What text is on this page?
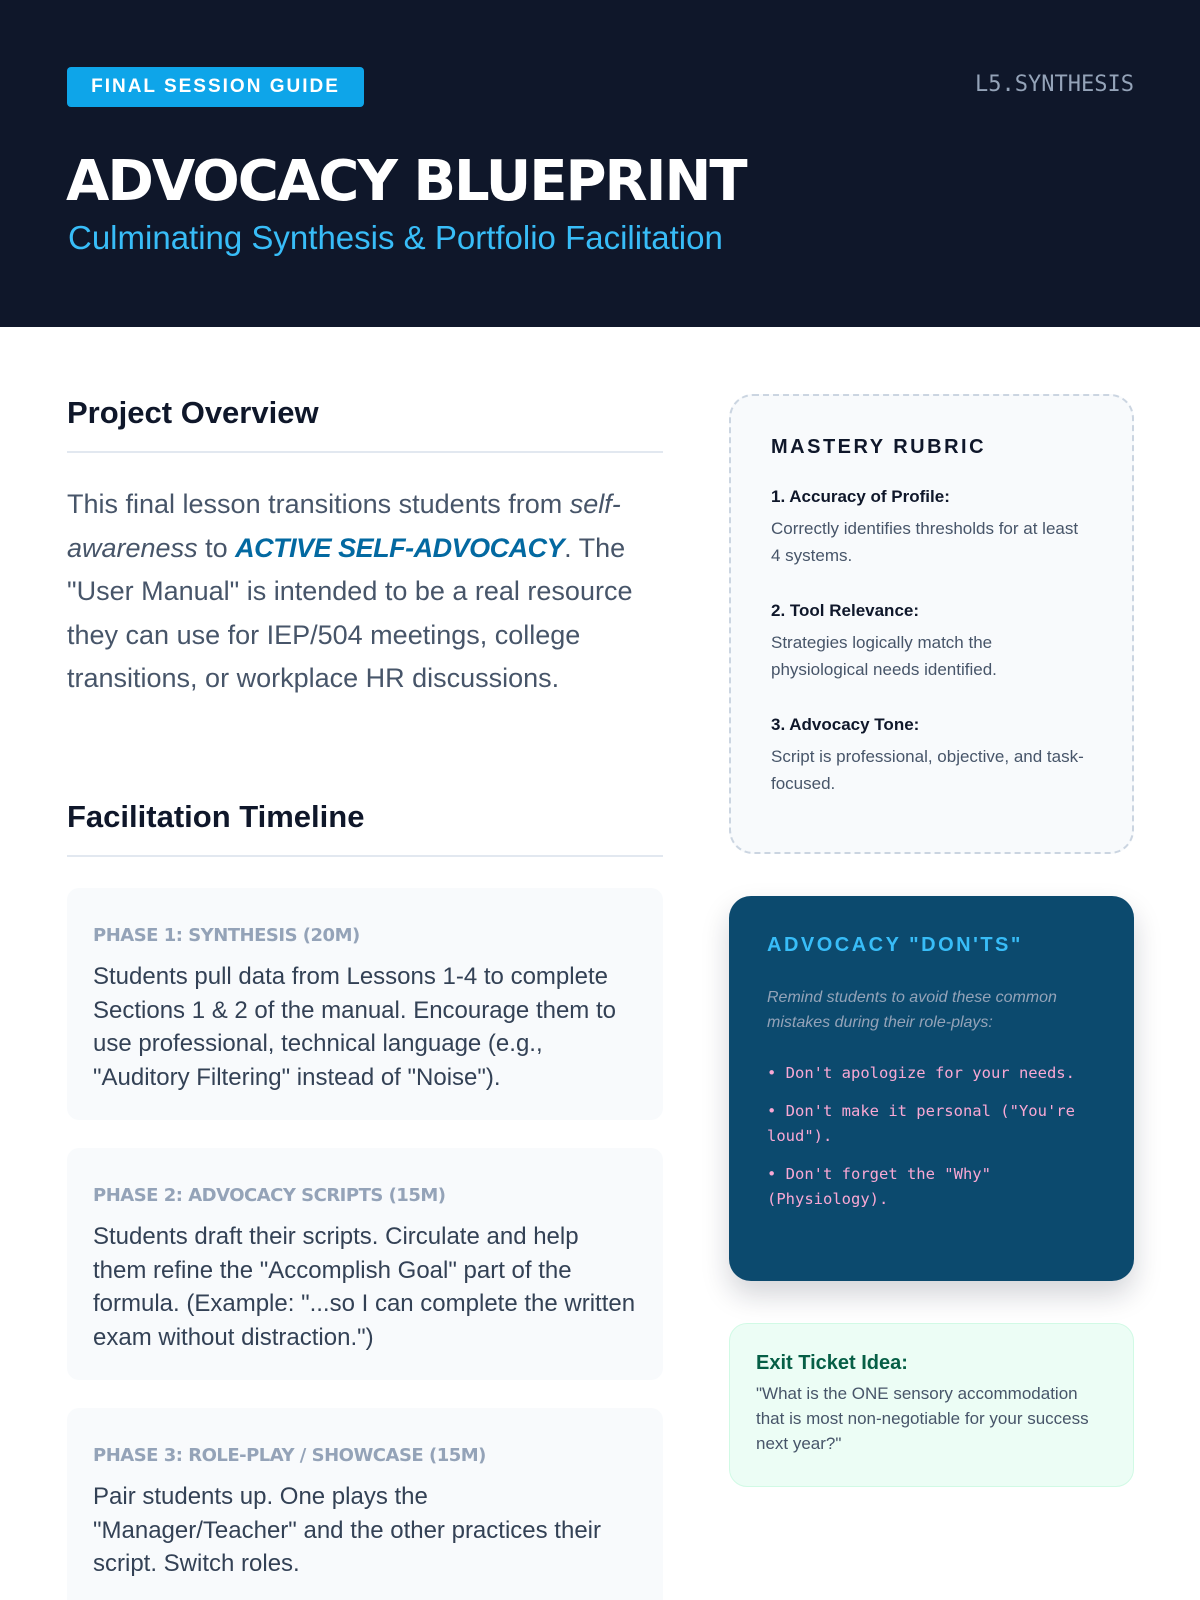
FINAL SESSION GUIDE	L5.SYNTHESIS
ADVOCACY BLUEPRINT
Culminating Synthesis & Portfolio Facilitation
Project Overview
This final lesson transitions students from self-awareness to ACTIVE SELF-ADVOCACY. The "User Manual" is intended to be a real resource they can use for IEP/504 meetings, college transitions, or workplace HR discussions.
Facilitation Timeline
PHASE 1: SYNTHESIS (20M)
Students pull data from Lessons 1-4 to complete Sections 1 & 2 of the manual. Encourage them to use professional, technical language (e.g., "Auditory Filtering" instead of "Noise").
PHASE 2: ADVOCACY SCRIPTS (15M)
Students draft their scripts. Circulate and help them refine the "Accomplish Goal" part of the formula. (Example: "...so I can complete the written exam without distraction.")
PHASE 3: ROLE-PLAY / SHOWCASE (15M)
Pair students up. One plays the "Manager/Teacher" and the other practices their script. Switch roles.
MASTERY RUBRIC
1. Accuracy of Profile:
Correctly identifies thresholds for at least 4 systems.
2. Tool Relevance:
Strategies logically match the physiological needs identified.
3. Advocacy Tone:
Script is professional, objective, and task-focused.
ADVOCACY "DON'TS"
Remind students to avoid these common mistakes during their role-plays:
• Don't apologize for your needs.
• Don't make it personal ("You're loud").
• Don't forget the "Why" (Physiology).
Exit Ticket Idea:
"What is the ONE sensory accommodation that is most non-negotiable for your success next year?"
